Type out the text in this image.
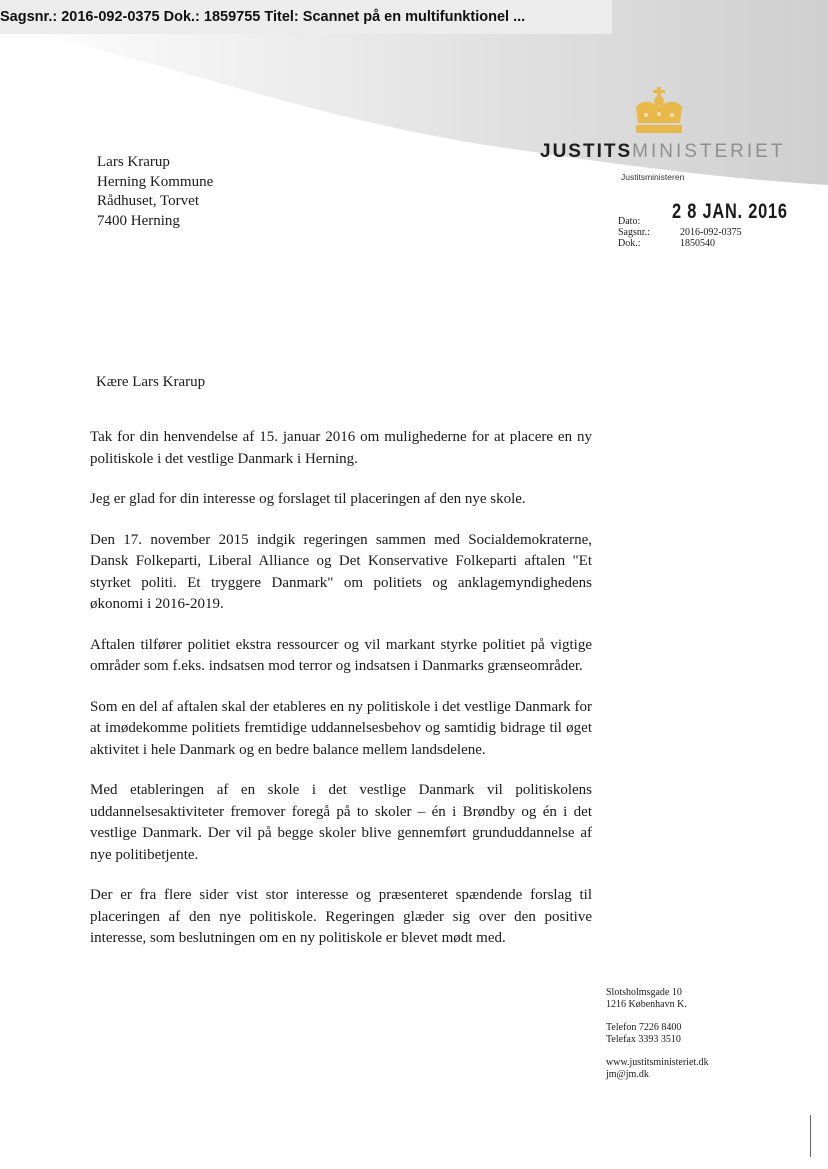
Sagsnr.: 2016-092-0375 Dok.: 1859755 Titel: Scannet på en multifunktionel ...
JUSTITSMINISTERIET
Justitsministeren
Lars Krarup
Herning Kommune
Rådhuset, Torvet
7400 Herning	Dato: 2 8 JAN. 2016
Sagsnr.:	2016-092-0375
Dok.:	1850540
Kære Lars Krarup

Tak for din henvendelse af 15. januar 2016 om mulighederne for at placere en ny politiskole i det vestlige Danmark i Herning.

Jeg er glad for din interesse og forslaget til placeringen af den nye skole.

Den 17. november 2015 indgik regeringen sammen med Socialdemokraterne, Dansk Folkeparti, Liberal Alliance og Det Konservative Folkeparti aftalen "Et styrket politi. Et tryggere Danmark" om politiets og anklagemyndighedens økonomi i 2016-2019.

Aftalen tilfører politiet ekstra ressourcer og vil markant styrke politiet på vigtige områder som f.eks. indsatsen mod terror og indsatsen i Danmarks grænseområder.

Som en del af aftalen skal der etableres en ny politiskole i det vestlige Danmark for at imødekomme politiets fremtidige uddannelsesbehov og samtidig bidrage til øget aktivitet i hele Danmark og en bedre balance mellem landsdelene.

Med etableringen af en skole i det vestlige Danmark vil politiskolens uddannelsesaktiviteter fremover foregå på to skoler – én i Brøndby og én i det vestlige Danmark. Der vil på begge skoler blive gennemført grunduddannelse af nye politibetjente.

Der er fra flere sider vist stor interesse og præsenteret spændende forslag til placeringen af den nye politiskole. Regeringen glæder sig over den positive interesse, som beslutningen om en ny politiskole er blevet mødt med.

Slotsholmsgade 10
1216 København K.
Telefon 7226 8400
Telefax 3393 3510
www.justitsministeriet.dk
jm@jm.dk
